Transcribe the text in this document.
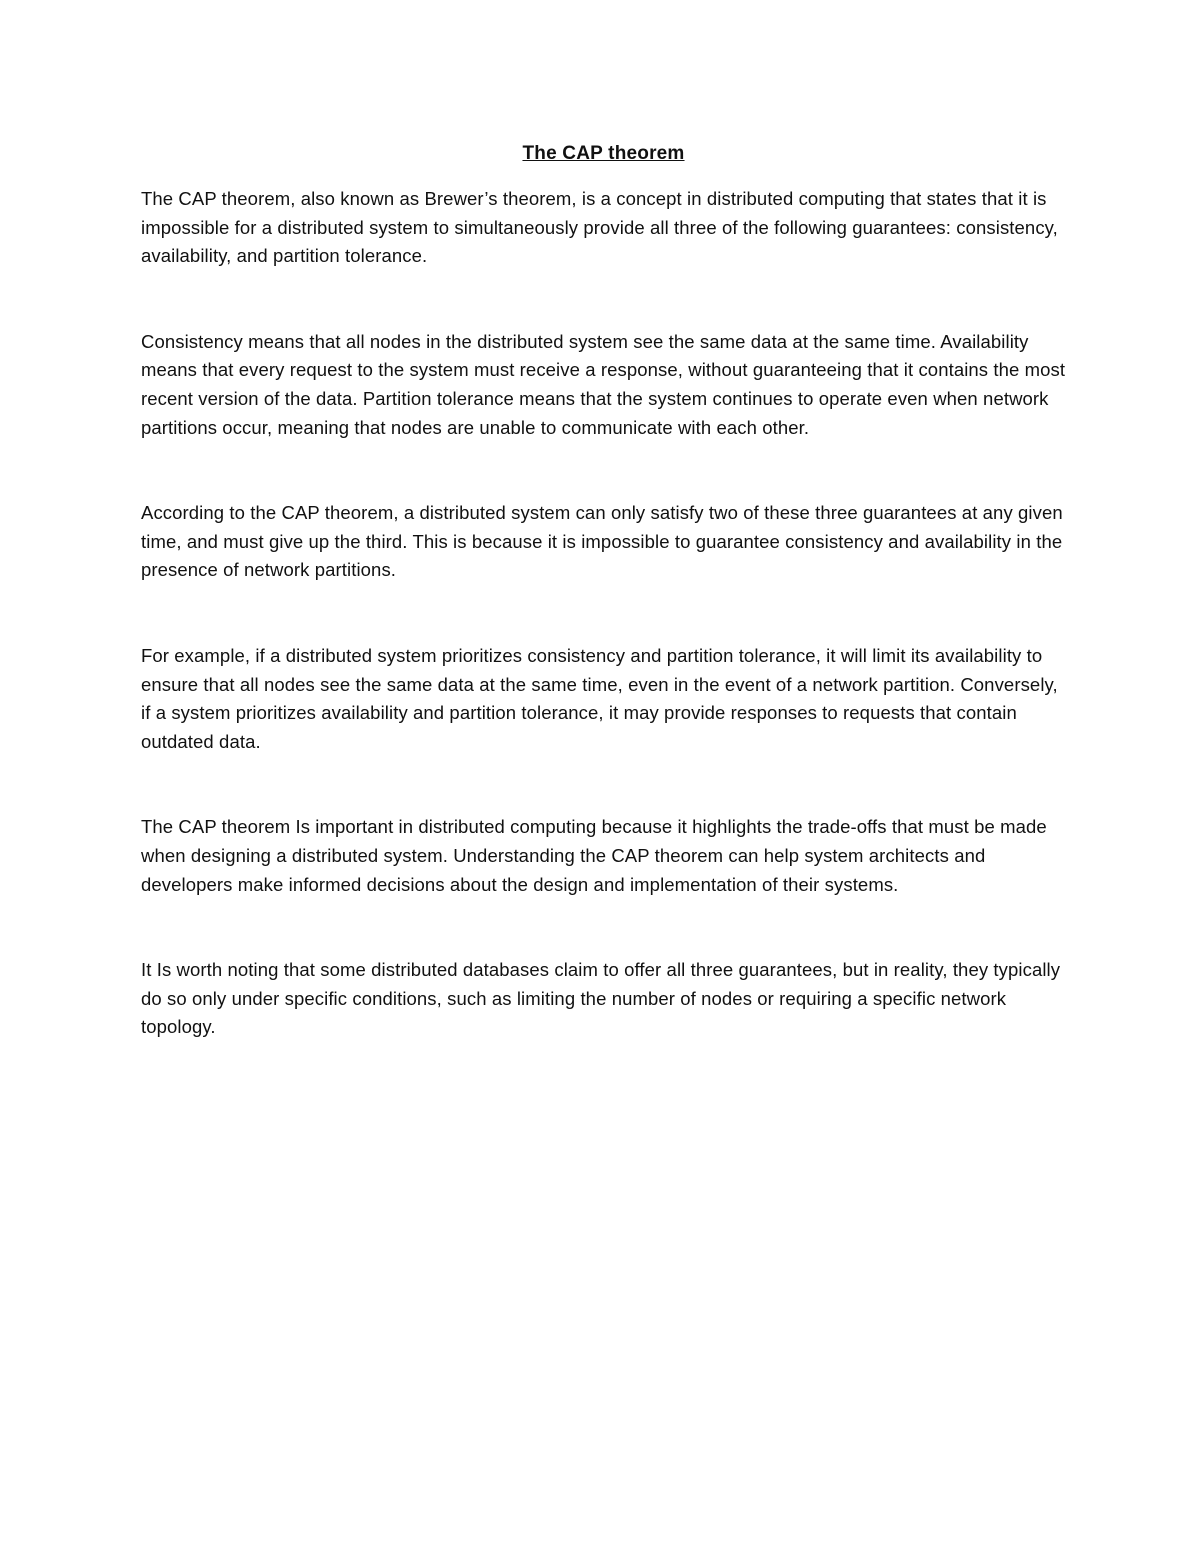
The CAP theorem

The CAP theorem, also known as Brewer’s theorem, is a concept in distributed computing that states that it is impossible for a distributed system to simultaneously provide all three of the following guarantees: consistency, availability, and partition tolerance.

Consistency means that all nodes in the distributed system see the same data at the same time. Availability means that every request to the system must receive a response, without guaranteeing that it contains the most recent version of the data. Partition tolerance means that the system continues to operate even when network partitions occur, meaning that nodes are unable to communicate with each other.

According to the CAP theorem, a distributed system can only satisfy two of these three guarantees at any given time, and must give up the third. This is because it is impossible to guarantee consistency and availability in the presence of network partitions.

For example, if a distributed system prioritizes consistency and partition tolerance, it will limit its availability to ensure that all nodes see the same data at the same time, even in the event of a network partition. Conversely, if a system prioritizes availability and partition tolerance, it may provide responses to requests that contain outdated data.

The CAP theorem Is important in distributed computing because it highlights the trade-offs that must be made when designing a distributed system. Understanding the CAP theorem can help system architects and developers make informed decisions about the design and implementation of their systems.

It Is worth noting that some distributed databases claim to offer all three guarantees, but in reality, they typically do so only under specific conditions, such as limiting the number of nodes or requiring a specific network topology.
